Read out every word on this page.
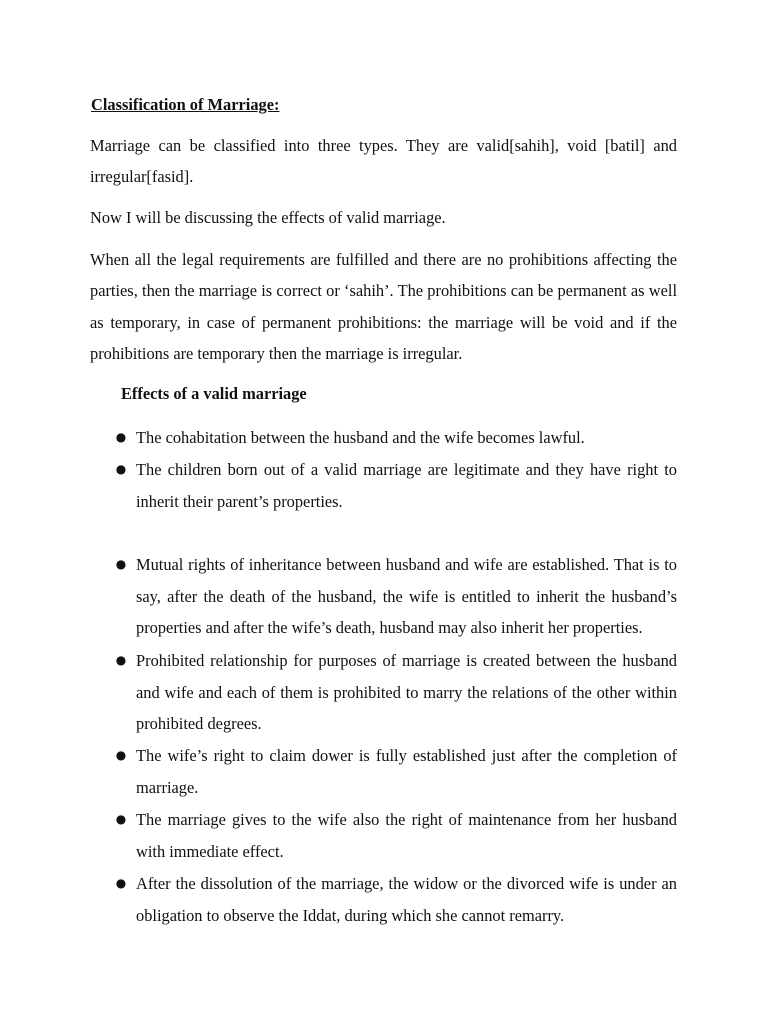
Classification of Marriage:

Marriage can be classified into three types. They are valid[sahih], void [batil] and irregular[fasid].

Now I will be discussing the effects of valid marriage.

When all the legal requirements are fulfilled and there are no prohibitions affecting the parties, then the marriage is correct or ‘sahih’. The prohibitions can be permanent as well as temporary, in case of permanent prohibitions: the marriage will be void and if the prohibitions are temporary then the marriage is irregular.

Effects of a valid marriage
● The cohabitation between the husband and the wife becomes lawful.
● The children born out of a valid marriage are legitimate and they have right to inherit their parent’s properties.
● Mutual rights of inheritance between husband and wife are established. That is to say, after the death of the husband, the wife is entitled to inherit the husband’s properties and after the wife’s death, husband may also inherit her properties.
● Prohibited relationship for purposes of marriage is created between the husband and wife and each of them is prohibited to marry the relations of the other within prohibited degrees.
● The wife’s right to claim dower is fully established just after the completion of marriage.
● The marriage gives to the wife also the right of maintenance from her husband with immediate effect.
● After the dissolution of the marriage, the widow or the divorced wife is under an obligation to observe the Iddat, during which she cannot remarry.
